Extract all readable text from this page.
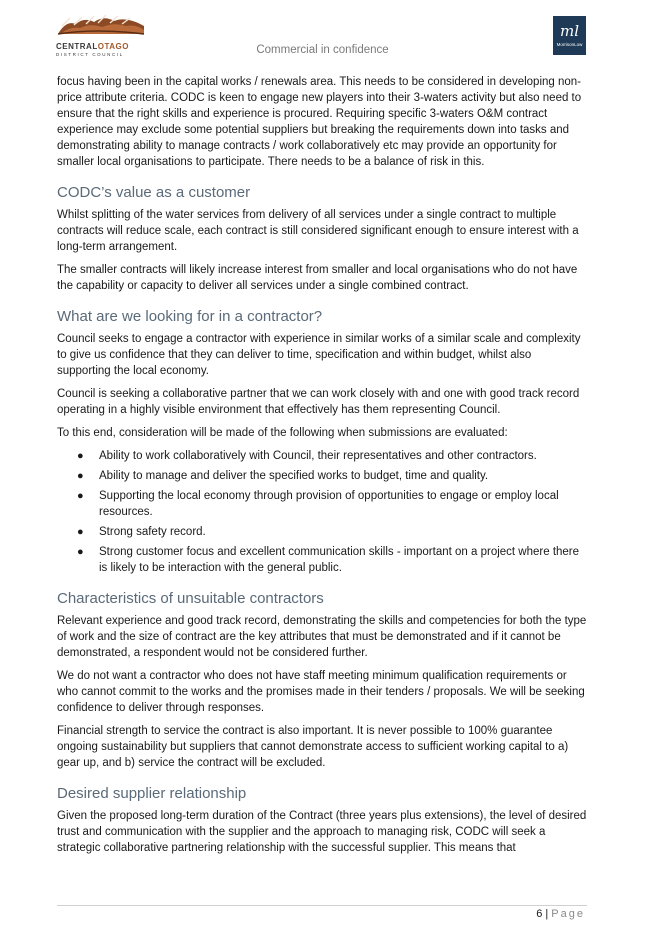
CENTRALOTAGO
DISTRICT COUNCIL	Commercial in confidence
ml
MorrisonLow

focus having been in the capital works / renewals area. This needs to be considered in developing non-price attribute criteria. CODC is keen to engage new players into their 3-waters activity but also need to ensure that the right skills and experience is procured. Requiring specific 3-waters O&M contract experience may exclude some potential suppliers but breaking the requirements down into tasks and demonstrating ability to manage contracts / work collaboratively etc may provide an opportunity for smaller local organisations to participate. There needs to be a balance of risk in this.

CODC’s value as a customer

Whilst splitting of the water services from delivery of all services under a single contract to multiple contracts will reduce scale, each contract is still considered significant enough to ensure interest with a long-term arrangement.

The smaller contracts will likely increase interest from smaller and local organisations who do not have the capability or capacity to deliver all services under a single combined contract.

What are we looking for in a contractor?

Council seeks to engage a contractor with experience in similar works of a similar scale and complexity to give us confidence that they can deliver to time, specification and within budget, whilst also supporting the local economy.

Council is seeking a collaborative partner that we can work closely with and one with good track record operating in a highly visible environment that effectively has them representing Council.

To this end, consideration will be made of the following when submissions are evaluated:

● Ability to work collaboratively with Council, their representatives and other contractors.
● Ability to manage and deliver the specified works to budget, time and quality.
● Supporting the local economy through provision of opportunities to engage or employ local resources.
● Strong safety record.
● Strong customer focus and excellent communication skills - important on a project where there is likely to be interaction with the general public.
Characteristics of unsuitable contractors

Relevant experience and good track record, demonstrating the skills and competencies for both the type of work and the size of contract are the key attributes that must be demonstrated and if it cannot be demonstrated, a respondent would not be considered further.

We do not want a contractor who does not have staff meeting minimum qualification requirements or who cannot commit to the works and the promises made in their tenders / proposals. We will be seeking confidence to deliver through responses.

Financial strength to service the contract is also important. It is never possible to 100% guarantee ongoing sustainability but suppliers that cannot demonstrate access to sufficient working capital to a) gear up, and b) service the contract will be excluded.

Desired supplier relationship

Given the proposed long-term duration of the Contract (three years plus extensions), the level of desired trust and communication with the supplier and the approach to managing risk, CODC will seek a strategic collaborative partnering relationship with the successful supplier. This means that

6 | Page
